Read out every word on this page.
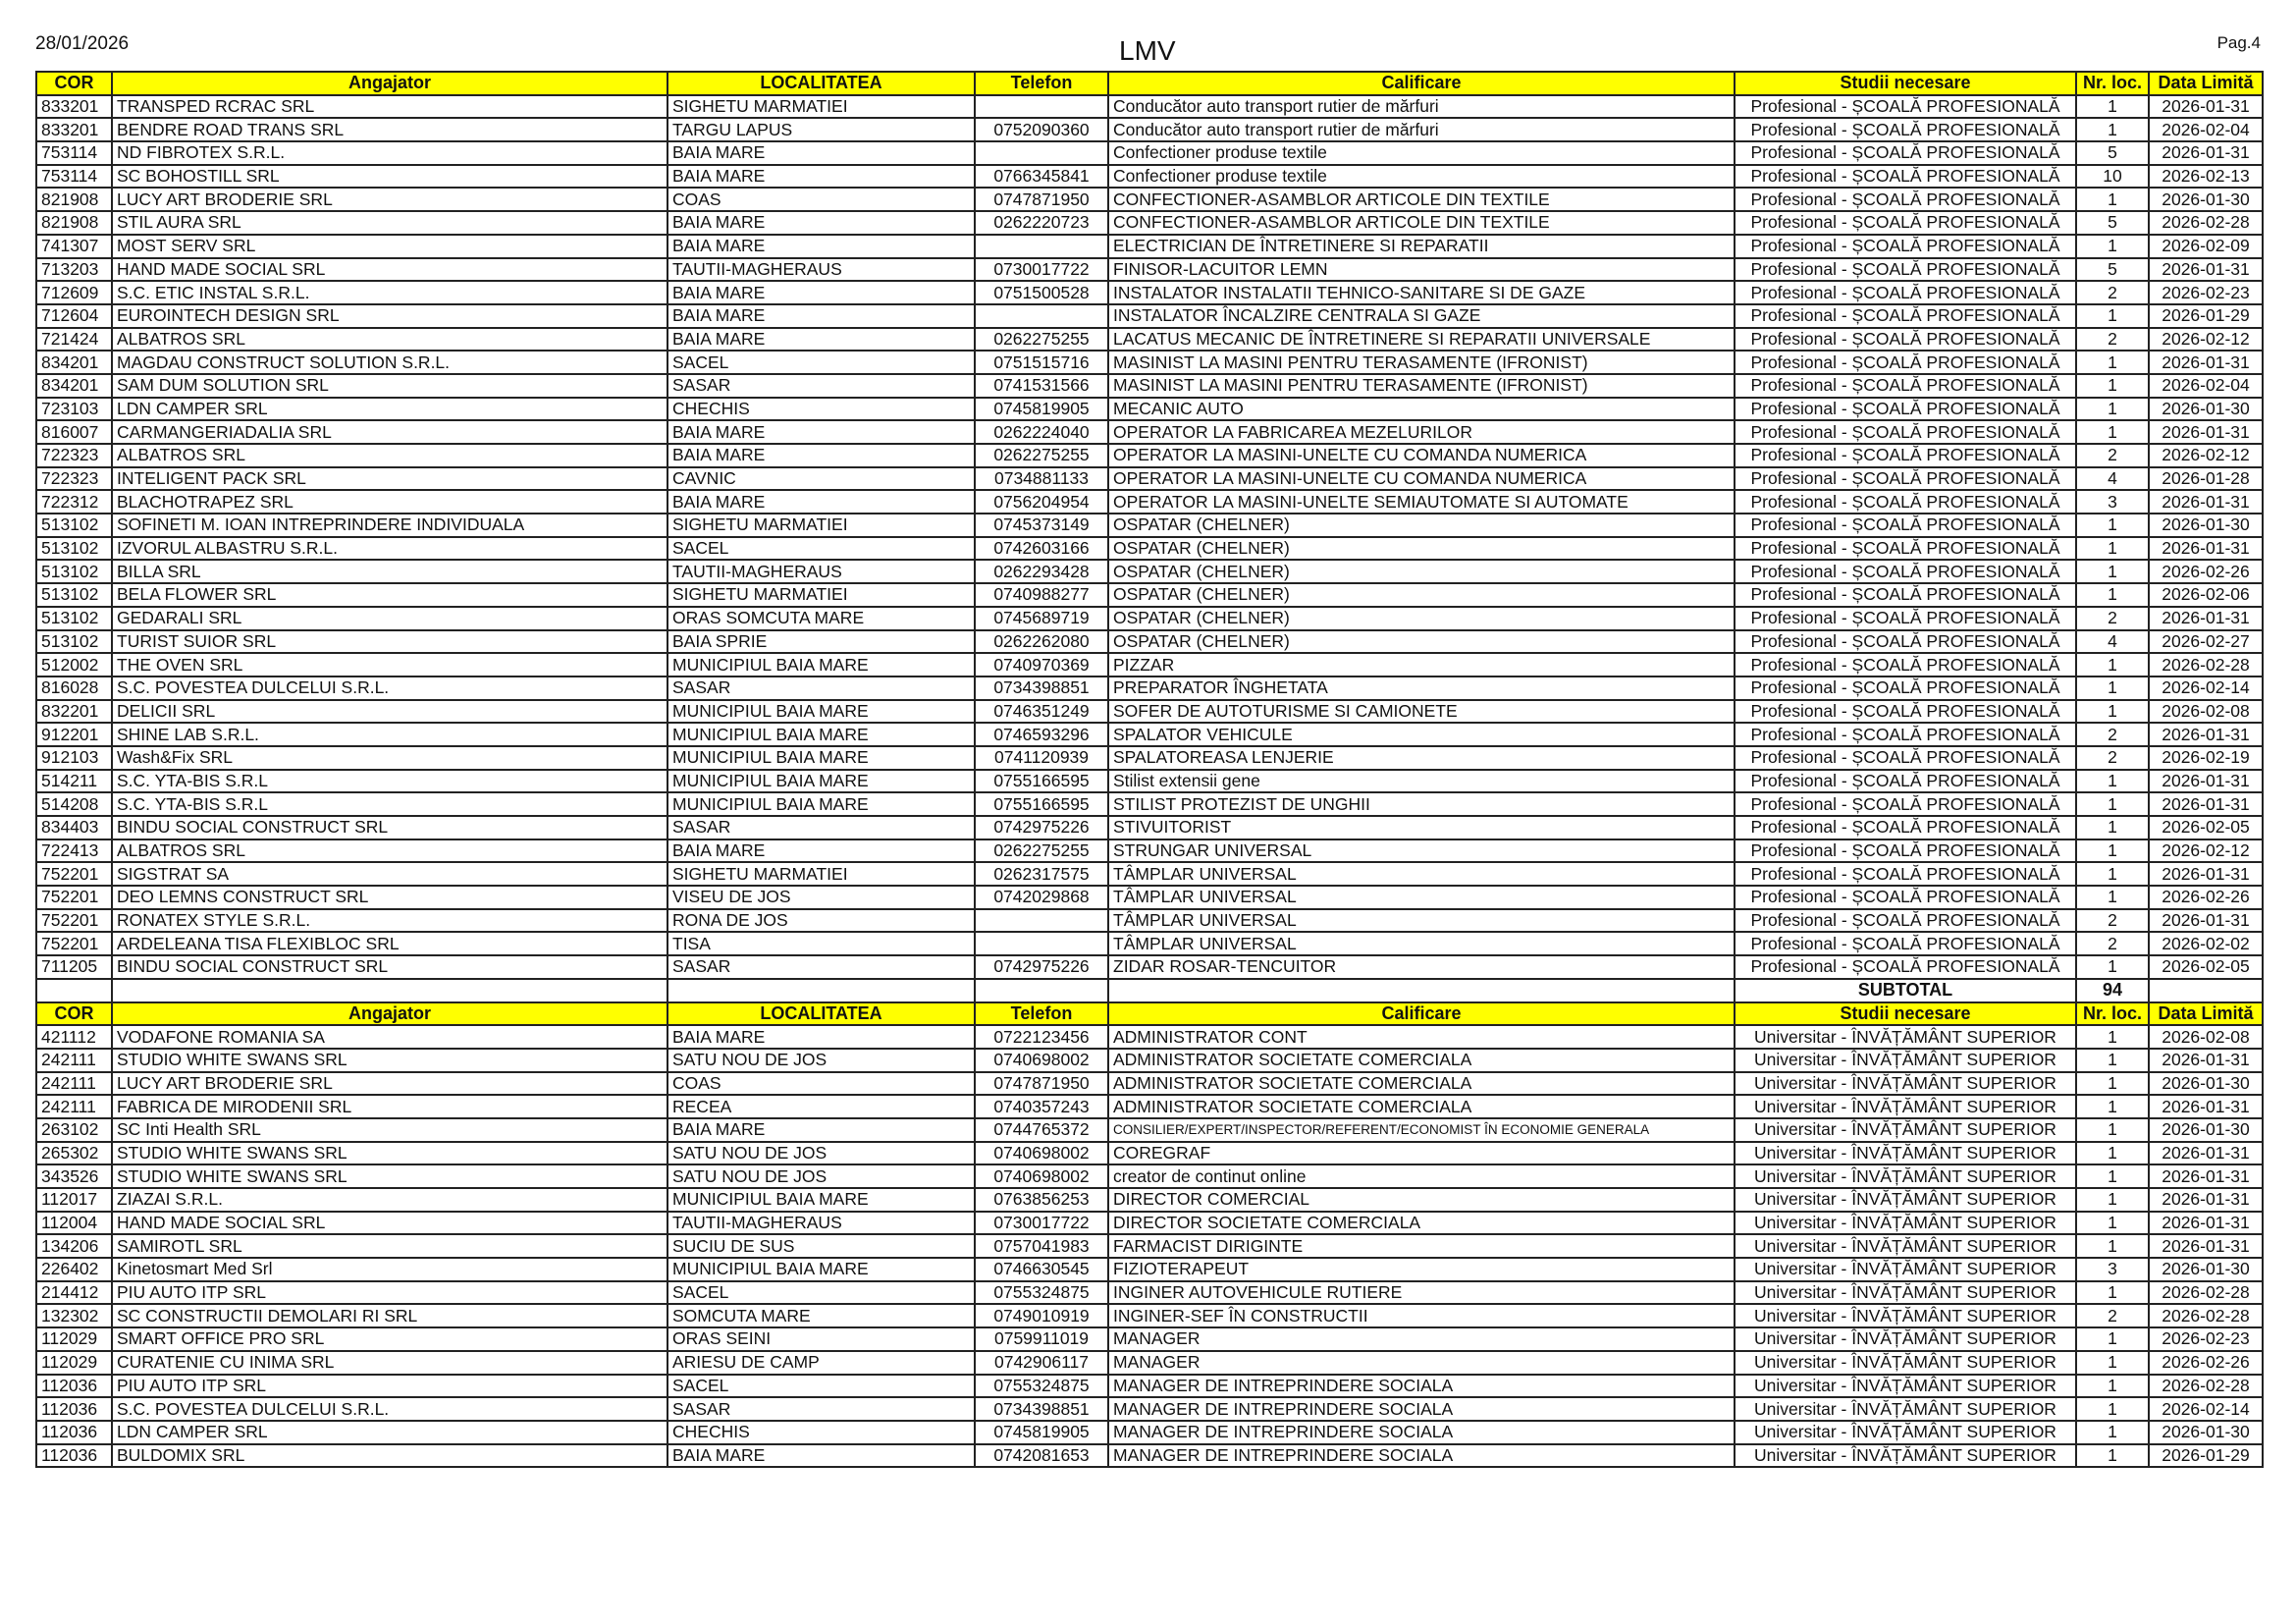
28/01/2026	LMV	Pag.4
COR	Angajator	LOCALITATEA	Telefon	Calificare	Studii necesare	Nr. loc.	Data Limită
833201	TRANSPED RCRAC SRL	SIGHETU MARMATIEI		Conducător auto transport rutier de mărfuri	Profesional - ȘCOALĂ PROFESIONALĂ	1	2026-01-31
833201	BENDRE ROAD TRANS SRL	TARGU LAPUS	0752090360	Conducător auto transport rutier de mărfuri	Profesional - ȘCOALĂ PROFESIONALĂ	1	2026-02-04
753114	ND FIBROTEX S.R.L.	BAIA MARE		Confectioner produse textile	Profesional - ȘCOALĂ PROFESIONALĂ	5	2026-01-31
753114	SC BOHOSTILL SRL	BAIA MARE	0766345841	Confectioner produse textile	Profesional - ȘCOALĂ PROFESIONALĂ	10	2026-02-13
821908	LUCY ART BRODERIE SRL	COAS	0747871950	CONFECTIONER-ASAMBLOR ARTICOLE DIN TEXTILE	Profesional - ȘCOALĂ PROFESIONALĂ	1	2026-01-30
821908	STIL AURA SRL	BAIA MARE	0262220723	CONFECTIONER-ASAMBLOR ARTICOLE DIN TEXTILE	Profesional - ȘCOALĂ PROFESIONALĂ	5	2026-02-28
741307	MOST SERV SRL	BAIA MARE		ELECTRICIAN DE ÎNTRETINERE SI REPARATII	Profesional - ȘCOALĂ PROFESIONALĂ	1	2026-02-09
713203	HAND MADE SOCIAL SRL	TAUTII-MAGHERAUS	0730017722	FINISOR-LACUITOR LEMN	Profesional - ȘCOALĂ PROFESIONALĂ	5	2026-01-31
712609	S.C. ETIC INSTAL S.R.L.	BAIA MARE	0751500528	INSTALATOR INSTALATII TEHNICO-SANITARE SI DE GAZE	Profesional - ȘCOALĂ PROFESIONALĂ	2	2026-02-23
712604	EUROINTECH DESIGN SRL	BAIA MARE		INSTALATOR ÎNCALZIRE CENTRALA SI GAZE	Profesional - ȘCOALĂ PROFESIONALĂ	1	2026-01-29
721424	ALBATROS SRL	BAIA MARE	0262275255	LACATUS MECANIC DE ÎNTRETINERE SI REPARATII UNIVERSALE	Profesional - ȘCOALĂ PROFESIONALĂ	2	2026-02-12
834201	MAGDAU CONSTRUCT SOLUTION S.R.L.	SACEL	0751515716	MASINIST LA MASINI PENTRU TERASAMENTE (IFRONIST)	Profesional - ȘCOALĂ PROFESIONALĂ	1	2026-01-31
834201	SAM DUM SOLUTION SRL	SASAR	0741531566	MASINIST LA MASINI PENTRU TERASAMENTE (IFRONIST)	Profesional - ȘCOALĂ PROFESIONALĂ	1	2026-02-04
723103	LDN CAMPER SRL	CHECHIS	0745819905	MECANIC AUTO	Profesional - ȘCOALĂ PROFESIONALĂ	1	2026-01-30
816007	CARMANGERIADALIA SRL	BAIA MARE	0262224040	OPERATOR LA FABRICAREA MEZELURILOR	Profesional - ȘCOALĂ PROFESIONALĂ	1	2026-01-31
722323	ALBATROS SRL	BAIA MARE	0262275255	OPERATOR LA MASINI-UNELTE CU COMANDA NUMERICA	Profesional - ȘCOALĂ PROFESIONALĂ	2	2026-02-12
722323	INTELIGENT PACK SRL	CAVNIC	0734881133	OPERATOR LA MASINI-UNELTE CU COMANDA NUMERICA	Profesional - ȘCOALĂ PROFESIONALĂ	4	2026-01-28
722312	BLACHOTRAPEZ SRL	BAIA MARE	0756204954	OPERATOR LA MASINI-UNELTE SEMIAUTOMATE SI AUTOMATE	Profesional - ȘCOALĂ PROFESIONALĂ	3	2026-01-31
513102	SOFINETI M. IOAN INTREPRINDERE INDIVIDUALA	SIGHETU MARMATIEI	0745373149	OSPATAR (CHELNER)	Profesional - ȘCOALĂ PROFESIONALĂ	1	2026-01-30
513102	IZVORUL ALBASTRU S.R.L.	SACEL	0742603166	OSPATAR (CHELNER)	Profesional - ȘCOALĂ PROFESIONALĂ	1	2026-01-31
513102	BILLA SRL	TAUTII-MAGHERAUS	0262293428	OSPATAR (CHELNER)	Profesional - ȘCOALĂ PROFESIONALĂ	1	2026-02-26
513102	BELA FLOWER SRL	SIGHETU MARMATIEI	0740988277	OSPATAR (CHELNER)	Profesional - ȘCOALĂ PROFESIONALĂ	1	2026-02-06
513102	GEDARALI SRL	ORAS SOMCUTA MARE	0745689719	OSPATAR (CHELNER)	Profesional - ȘCOALĂ PROFESIONALĂ	2	2026-01-31
513102	TURIST SUIOR SRL	BAIA SPRIE	0262262080	OSPATAR (CHELNER)	Profesional - ȘCOALĂ PROFESIONALĂ	4	2026-02-27
512002	THE OVEN SRL	MUNICIPIUL BAIA MARE	0740970369	PIZZAR	Profesional - ȘCOALĂ PROFESIONALĂ	1	2026-02-28
816028	S.C. POVESTEA DULCELUI S.R.L.	SASAR	0734398851	PREPARATOR ÎNGHETATA	Profesional - ȘCOALĂ PROFESIONALĂ	1	2026-02-14
832201	DELICII SRL	MUNICIPIUL BAIA MARE	0746351249	SOFER DE AUTOTURISME SI CAMIONETE	Profesional - ȘCOALĂ PROFESIONALĂ	1	2026-02-08
912201	SHINE LAB S.R.L.	MUNICIPIUL BAIA MARE	0746593296	SPALATOR VEHICULE	Profesional - ȘCOALĂ PROFESIONALĂ	2	2026-01-31
912103	Wash&Fix SRL	MUNICIPIUL BAIA MARE	0741120939	SPALATOREASA LENJERIE	Profesional - ȘCOALĂ PROFESIONALĂ	2	2026-02-19
514211	S.C. YTA-BIS S.R.L	MUNICIPIUL BAIA MARE	0755166595	Stilist extensii gene	Profesional - ȘCOALĂ PROFESIONALĂ	1	2026-01-31
514208	S.C. YTA-BIS S.R.L	MUNICIPIUL BAIA MARE	0755166595	STILIST PROTEZIST DE UNGHII	Profesional - ȘCOALĂ PROFESIONALĂ	1	2026-01-31
834403	BINDU SOCIAL CONSTRUCT SRL	SASAR	0742975226	STIVUITORIST	Profesional - ȘCOALĂ PROFESIONALĂ	1	2026-02-05
722413	ALBATROS SRL	BAIA MARE	0262275255	STRUNGAR UNIVERSAL	Profesional - ȘCOALĂ PROFESIONALĂ	1	2026-02-12
752201	SIGSTRAT SA	SIGHETU MARMATIEI	0262317575	TÂMPLAR UNIVERSAL	Profesional - ȘCOALĂ PROFESIONALĂ	1	2026-01-31
752201	DEO LEMNS CONSTRUCT SRL	VISEU DE JOS	0742029868	TÂMPLAR UNIVERSAL	Profesional - ȘCOALĂ PROFESIONALĂ	1	2026-02-26
752201	RONATEX STYLE S.R.L.	RONA DE JOS		TÂMPLAR UNIVERSAL	Profesional - ȘCOALĂ PROFESIONALĂ	2	2026-01-31
752201	ARDELEANA TISA FLEXIBLOC SRL	TISA		TÂMPLAR UNIVERSAL	Profesional - ȘCOALĂ PROFESIONALĂ	2	2026-02-02
711205	BINDU SOCIAL CONSTRUCT SRL	SASAR	0742975226	ZIDAR ROSAR-TENCUITOR	Profesional - ȘCOALĂ PROFESIONALĂ	1	2026-02-05
					SUBTOTAL	94	
COR	Angajator	LOCALITATEA	Telefon	Calificare	Studii necesare	Nr. loc.	Data Limită
421112	VODAFONE ROMANIA SA	BAIA MARE	0722123456	ADMINISTRATOR CONT	Universitar - ÎNVĂȚĂMÂNT SUPERIOR	1	2026-02-08
242111	STUDIO WHITE SWANS SRL	SATU NOU DE JOS	0740698002	ADMINISTRATOR SOCIETATE COMERCIALA	Universitar - ÎNVĂȚĂMÂNT SUPERIOR	1	2026-01-31
242111	LUCY ART BRODERIE SRL	COAS	0747871950	ADMINISTRATOR SOCIETATE COMERCIALA	Universitar - ÎNVĂȚĂMÂNT SUPERIOR	1	2026-01-30
242111	FABRICA DE MIRODENII SRL	RECEA	0740357243	ADMINISTRATOR SOCIETATE COMERCIALA	Universitar - ÎNVĂȚĂMÂNT SUPERIOR	1	2026-01-31
263102	SC Inti Health SRL	BAIA MARE	0744765372	CONSILIER/EXPERT/INSPECTOR/REFERENT/ECONOMIST ÎN ECONOMIE GENERALA	Universitar - ÎNVĂȚĂMÂNT SUPERIOR	1	2026-01-30
265302	STUDIO WHITE SWANS SRL	SATU NOU DE JOS	0740698002	COREGRAF	Universitar - ÎNVĂȚĂMÂNT SUPERIOR	1	2026-01-31
343526	STUDIO WHITE SWANS SRL	SATU NOU DE JOS	0740698002	creator de continut online	Universitar - ÎNVĂȚĂMÂNT SUPERIOR	1	2026-01-31
112017	ZIAZAI S.R.L.	MUNICIPIUL BAIA MARE	0763856253	DIRECTOR COMERCIAL	Universitar - ÎNVĂȚĂMÂNT SUPERIOR	1	2026-01-31
112004	HAND MADE SOCIAL SRL	TAUTII-MAGHERAUS	0730017722	DIRECTOR SOCIETATE COMERCIALA	Universitar - ÎNVĂȚĂMÂNT SUPERIOR	1	2026-01-31
134206	SAMIROTL SRL	SUCIU DE SUS	0757041983	FARMACIST DIRIGINTE	Universitar - ÎNVĂȚĂMÂNT SUPERIOR	1	2026-01-31
226402	Kinetosmart Med Srl	MUNICIPIUL BAIA MARE	0746630545	FIZIOTERAPEUT	Universitar - ÎNVĂȚĂMÂNT SUPERIOR	3	2026-01-30
214412	PIU AUTO ITP SRL	SACEL	0755324875	INGINER AUTOVEHICULE RUTIERE	Universitar - ÎNVĂȚĂMÂNT SUPERIOR	1	2026-02-28
132302	SC CONSTRUCTII DEMOLARI RI SRL	SOMCUTA MARE	0749010919	INGINER-SEF ÎN CONSTRUCTII	Universitar - ÎNVĂȚĂMÂNT SUPERIOR	2	2026-02-28
112029	SMART OFFICE PRO SRL	ORAS SEINI	0759911019	MANAGER	Universitar - ÎNVĂȚĂMÂNT SUPERIOR	1	2026-02-23
112029	CURATENIE CU INIMA SRL	ARIESU DE CAMP	0742906117	MANAGER	Universitar - ÎNVĂȚĂMÂNT SUPERIOR	1	2026-02-26
112036	PIU AUTO ITP SRL	SACEL	0755324875	MANAGER DE INTREPRINDERE SOCIALA	Universitar - ÎNVĂȚĂMÂNT SUPERIOR	1	2026-02-28
112036	S.C. POVESTEA DULCELUI S.R.L.	SASAR	0734398851	MANAGER DE INTREPRINDERE SOCIALA	Universitar - ÎNVĂȚĂMÂNT SUPERIOR	1	2026-02-14
112036	LDN CAMPER SRL	CHECHIS	0745819905	MANAGER DE INTREPRINDERE SOCIALA	Universitar - ÎNVĂȚĂMÂNT SUPERIOR	1	2026-01-30
112036	BULDOMIX SRL	BAIA MARE	0742081653	MANAGER DE INTREPRINDERE SOCIALA	Universitar - ÎNVĂȚĂMÂNT SUPERIOR	1	2026-01-29
